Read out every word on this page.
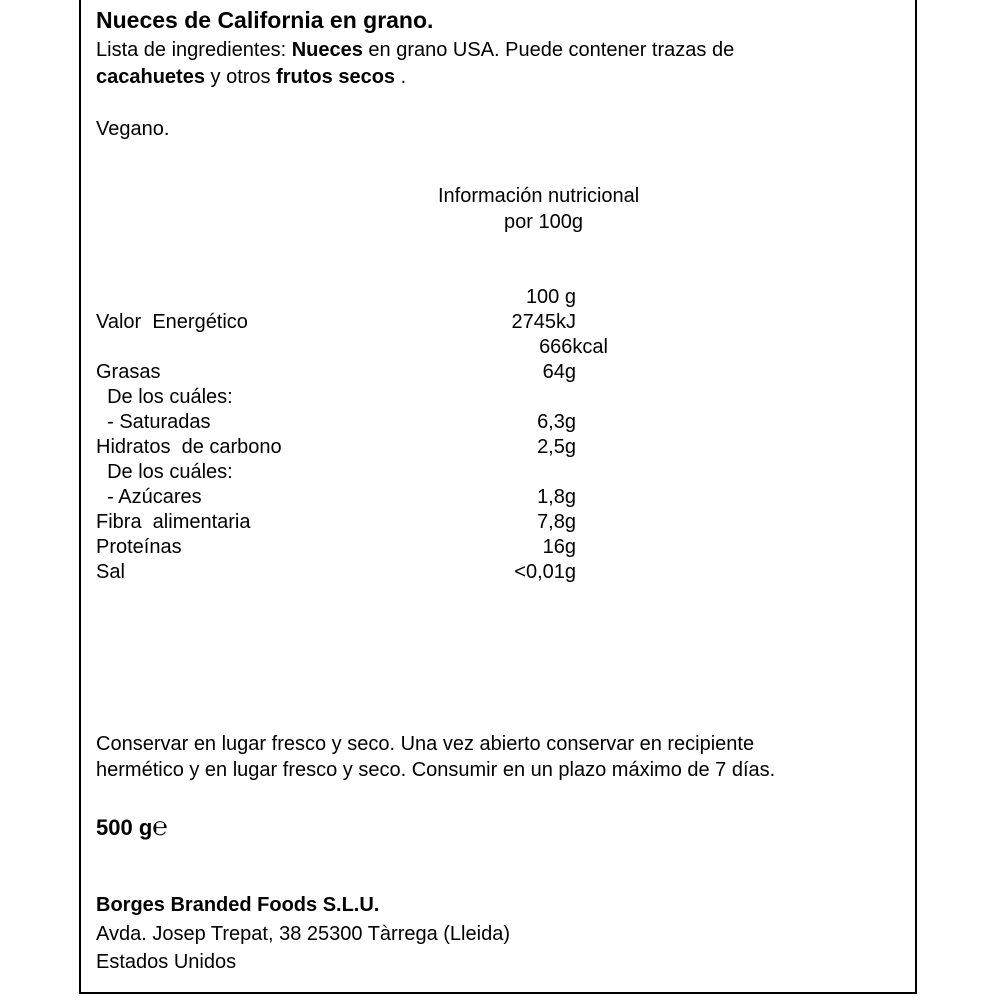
Nueces de California en grano.
Lista de ingredientes: Nueces en grano USA. Puede contener trazas de
cacahuetes y otros frutos secos .
Vegano.
Información nutricional
por 100g
100 g
Valor  Energético	2745kJ
666kcal
Grasas	64g
De los cuáles:
- Saturadas	6,3g
Hidratos  de carbono	2,5g
De los cuáles:
- Azúcares	1,8g
Fibra  alimentaria	7,8g
Proteínas	16g
Sal	<0,01g
Conservar en lugar fresco y seco. Una vez abierto conservar en recipiente
hermético y en lugar fresco y seco. Consumir en un plazo máximo de 7 días.
500 g℮
Borges Branded Foods S.L.U.
Avda. Josep Trepat, 38 25300 Tàrrega (Lleida)
Estados Unidos
